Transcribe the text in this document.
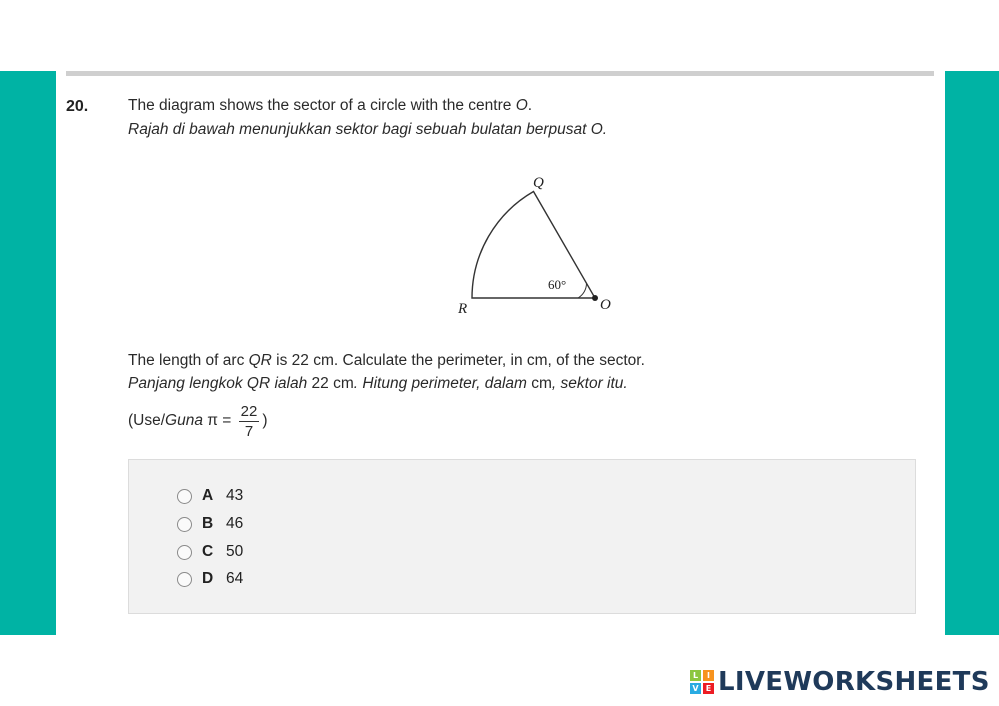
20.	The diagram shows the sector of a circle with the centre O.
Rajah di bawah menunjukkan sektor bagi sebuah bulatan berpusat O.
Q
R	O
60°
The length of arc QR is 22 cm. Calculate the perimeter, in cm, of the sector.
Panjang lengkok QR ialah 22 cm. Hitung perimeter, dalam cm, sektor itu.
(Use/ Guna $\pi = \frac{22}{7}$ )
A 43
B 46
C 50
D 64
L	I
V E LIVEWORKSHEETS
